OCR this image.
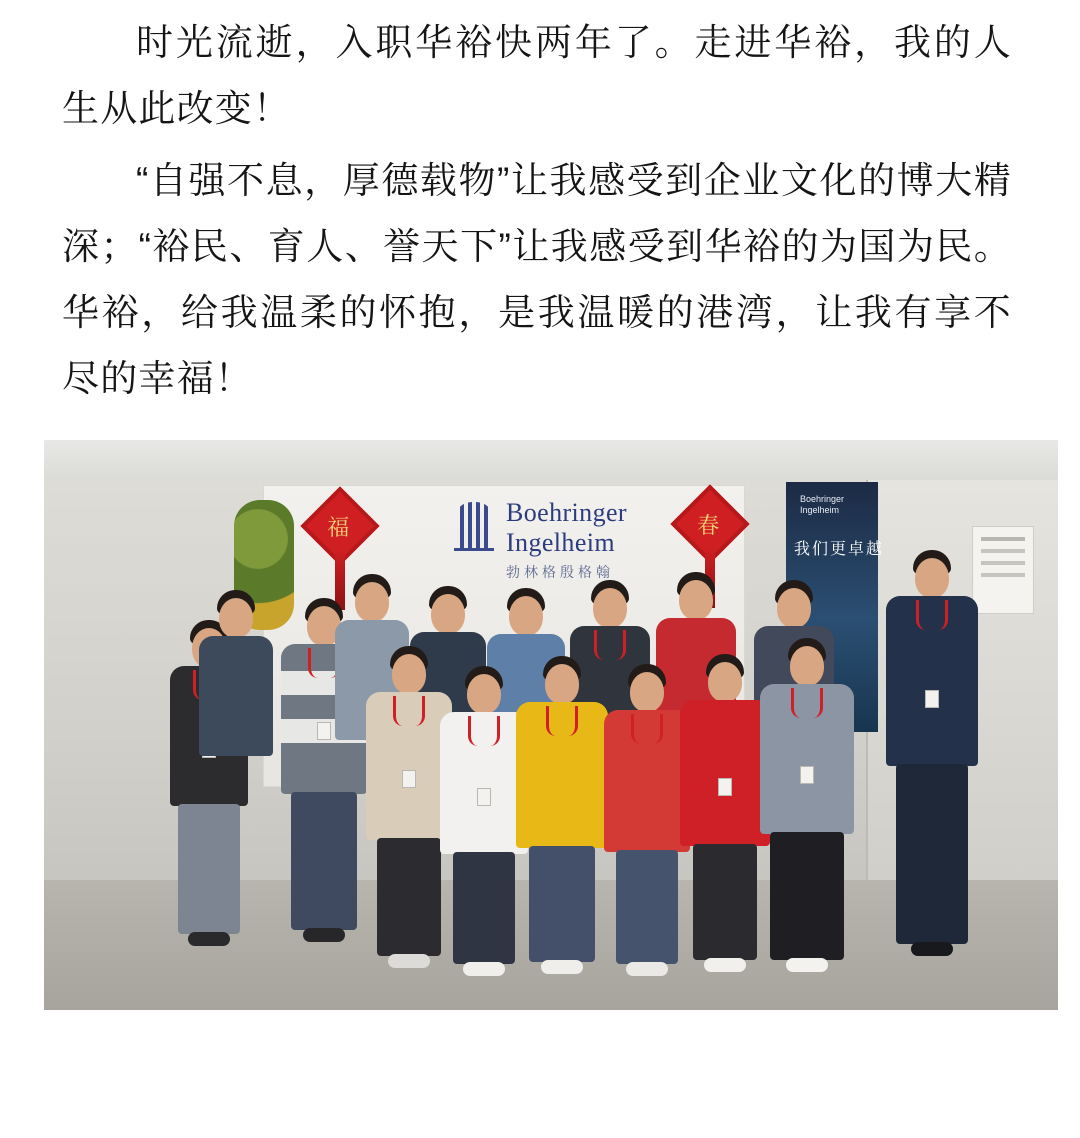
时光流逝，入职华裕快两年了。走进华裕，我的人生从此改变！

“自强不息，厚德载物”让我感受到企业文化的博大精深；“裕民、育人、誉天下”让我感受到华裕的为国为民。华裕，给我温柔的怀抱，是我温暖的港湾，让我有享不尽的幸福！

Boehringer
Ingelheim
勃林格殷格翰
福	春
Boehringer
Ingelheim
我们更卓越
